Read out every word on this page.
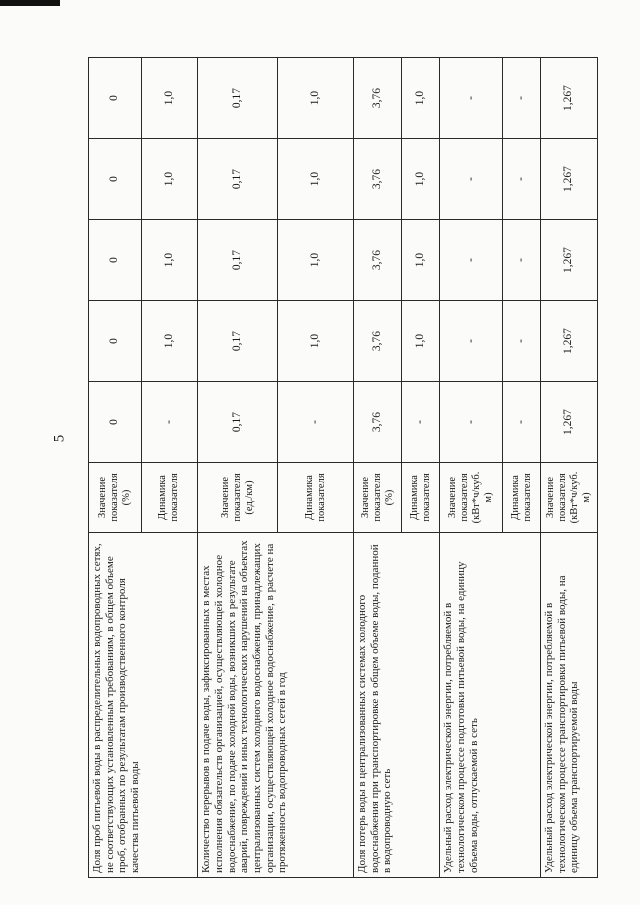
5
Доля проб питьевой воды в распределительных водопроводных сетях, не соответствующих установленным требованиям, в общем объеме проб, отобранных по результатам производственного контроля качества питьевой воды	Значение показателя (%)	0	0	0	0	0
	Динамика показателя	-	1,0	1,0	1,0	1,0
Количество перерывов в подаче воды, зафиксированных в местах исполнения обязательств организацией, осуществляющей холодное водоснабжение, по подаче холодной воды, возникших в результате аварий, повреждений и иных технологических нарушений на объектах централизованных систем холодного водоснабжения, принадлежащих организации, осуществляющей холодное водоснабжение, в расчете на протяженность водопроводных сетей в год	Значение показателя (ед./км)	0,17	0,17	0,17	0,17	0,17
	Динамика показателя	-	1,0	1,0	1,0	1,0
Доля потерь воды в централизованных системах холодного водоснабжения при транспортировке в общем объеме воды, поданной в водопроводную сеть	Значение показателя (%)	3,76	3,76	3,76	3,76	3,76
	Динамика показателя	-	1,0	1,0	1,0	1,0
Удельный расход электрической энергии, потребляемой в технологическом процессе подготовки питьевой воды, на единицу объема воды, отпускаемой в сеть	Значение показателя (кВт*ч/куб. м)	-	-	-	-	-
	Динамика показателя	-	-	-	-	-
Удельный расход электрической энергии, потребляемой в технологическом процессе транспортировки питьевой воды, на единицу объема транспортируемой воды	Значение показателя (кВт*ч/куб. м)	1,267	1,267	1,267	1,267	1,267
